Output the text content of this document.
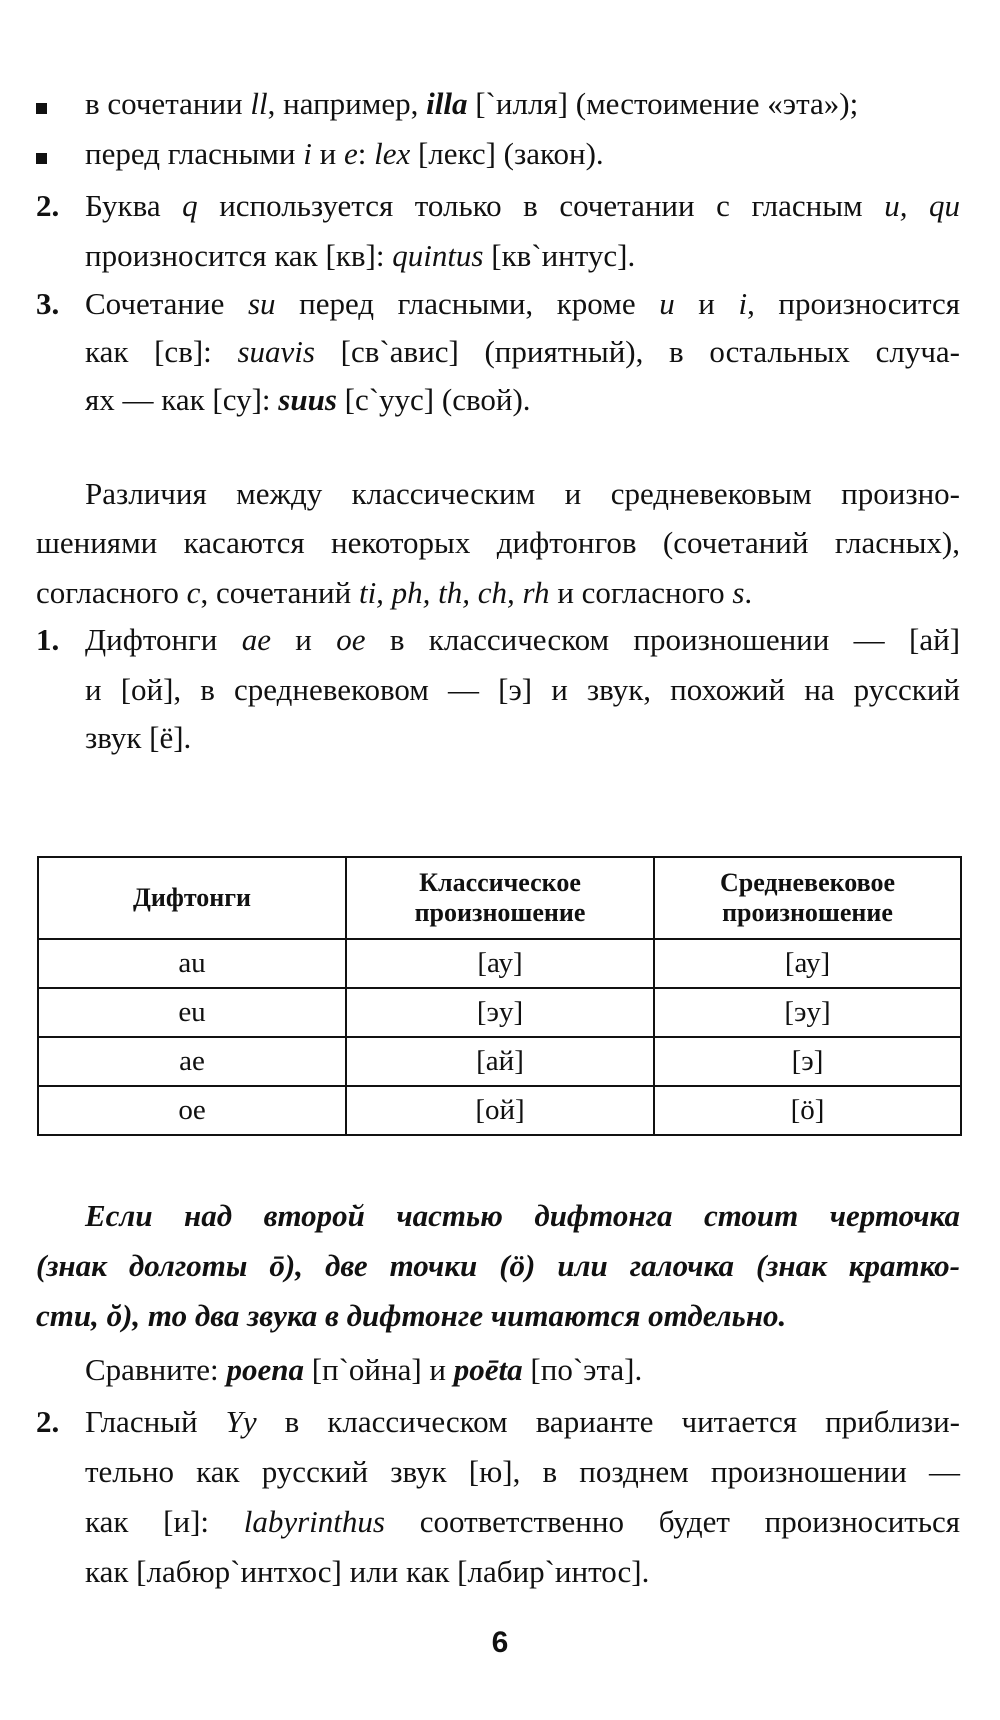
в сочетании ll, например, illa [`илля] (местоимение «эта»);
перед гласными i и e: lex [лекс] (закон).
2. Буква q используется только в сочетании с гласным u, qu
произносится как [кв]: quintus [кв`интус].
3. Сочетание su перед гласными, кроме u и i, произносится
как [св]: suavis [св`авис] (приятный), в остальных случа-
ях — как [су]: suus [с`уус] (свой).
Различия между классическим и средневековым произно-
шениями касаются некоторых дифтонгов (сочетаний гласных),
согласного c, сочетаний ti, ph, th, ch, rh и согласного s.
1. Дифтонги ae и oe в классическом произношении — [ай]
и [ой], в средневековом — [э] и звук, похожий на русский
звук [ё].
Дифтонги	Классическое произношение	Средневековое произношение
au	[ау]	[ау]
eu	[эу]	[эу]
ae	[ай]	[э]
oe	[ой]	[ö]
Если над второй частью дифтонга стоит черточка
(знак долготы ō), две точки (ö) или галочка (знак кратко-
сти, ŏ), то два звука в дифтонге читаются отдельно.
Сравните: poena [п`ойна] и poēta [по`эта].
2. Гласный Yy в классическом варианте читается приблизи-
тельно как русский звук [ю], в позднем произношении —
как [и]: labyrinthus соответственно будет произноситься
как [лабюр`интхос] или как [лабир`интос].
6
